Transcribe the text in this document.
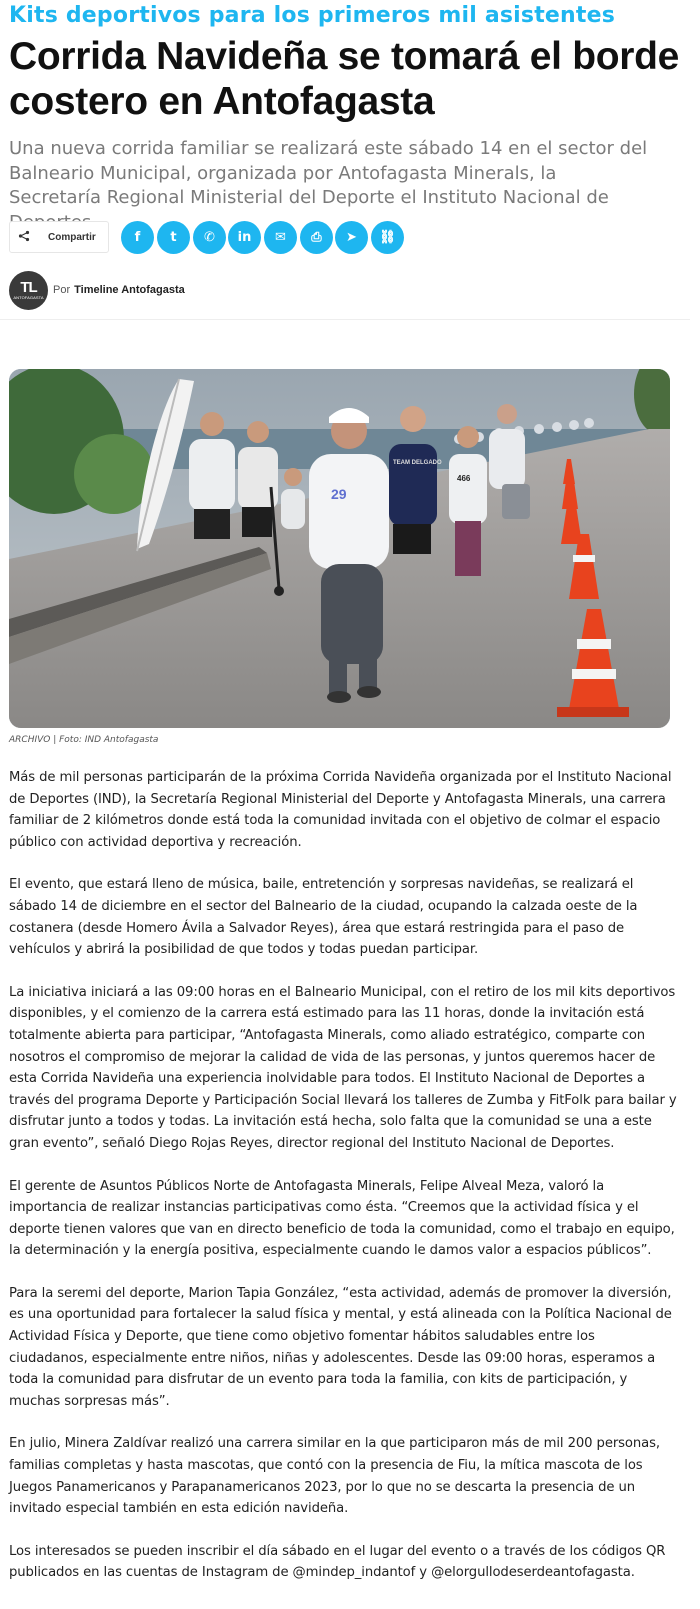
Kits deportivos para los primeros mil asistentes
Corrida Navideña se tomará el borde costero en Antofagasta
Una nueva corrida familiar se realizará este sábado 14 en el sector del Balneario Municipal, organizada por Antofagasta Minerals, la Secretaría Regional Ministerial del Deporte el Instituto Nacional de
Compartir	f t ✆ in ✉ ⎙ ➤ ⛓
TL
ANTOFAGASTA
Por Timeline Antofagasta
29
466
TEAM DELGADO
ARCHIVO | Foto: IND Antofagasta

Más de mil personas participarán de la próxima Corrida Navideña organizada por el Instituto Nacional de Deportes (IND), la Secretaría Regional Ministerial del Deporte y Antofagasta Minerals, una carrera familiar de 2 kilómetros donde está toda la comunidad invitada con el objetivo de colmar el espacio público con actividad deportiva y recreación.

El evento, que estará lleno de música, baile, entretención y sorpresas navideñas, se realizará el sábado 14 de diciembre en el sector del Balneario de la ciudad, ocupando la calzada oeste de la costanera (desde Homero Ávila a Salvador Reyes), área que estará restringida para el paso de vehículos y abrirá la posibilidad de que todos y todas puedan participar.

La iniciativa iniciará a las 09:00 horas en el Balneario Municipal, con el retiro de los mil kits deportivos disponibles, y el comienzo de la carrera está estimado para las 11 horas, donde la invitación está totalmente abierta para participar, “Antofagasta Minerals, como aliado estratégico, comparte con nosotros el compromiso de mejorar la calidad de vida de las personas, y juntos queremos hacer de esta Corrida Navideña una experiencia inolvidable para todos. El Instituto Nacional de Deportes a través del programa Deporte y Participación Social llevará los talleres de Zumba y FitFolk para bailar y disfrutar junto a todos y todas. La invitación está hecha, solo falta que la comunidad se una a este gran evento”, señaló Diego Rojas Reyes, director regional del Instituto Nacional de Deportes.

El gerente de Asuntos Públicos Norte de Antofagasta Minerals, Felipe Alveal Meza, valoró la importancia de realizar instancias participativas como ésta. “Creemos que la actividad física y el deporte tienen valores que van en directo beneficio de toda la comunidad, como el trabajo en equipo, la determinación y la energía positiva, especialmente cuando le damos valor a espacios públicos”.

Para la seremi del deporte, Marion Tapia González, “esta actividad, además de promover la diversión, es una oportunidad para fortalecer la salud física y mental, y está alineada con la Política Nacional de Actividad Física y Deporte, que tiene como objetivo fomentar hábitos saludables entre los ciudadanos, especialmente entre niños, niñas y adolescentes. Desde las 09:00 horas, esperamos a toda la comunidad para disfrutar de un evento para toda la familia, con kits de participación, y muchas sorpresas más”.

En julio, Minera Zaldívar realizó una carrera similar en la que participaron más de mil 200 personas, familias completas y hasta mascotas, que contó con la presencia de Fiu, la mítica mascota de los Juegos Panamericanos y Parapanamericanos 2023, por lo que no se descarta la presencia de un invitado especial también en esta edición navideña.

Los interesados se pueden inscribir el día sábado en el lugar del evento o a través de los códigos QR publicados en las cuentas de Instagram de @mindep_indantof y @elorgullodeserdeantofagasta.
